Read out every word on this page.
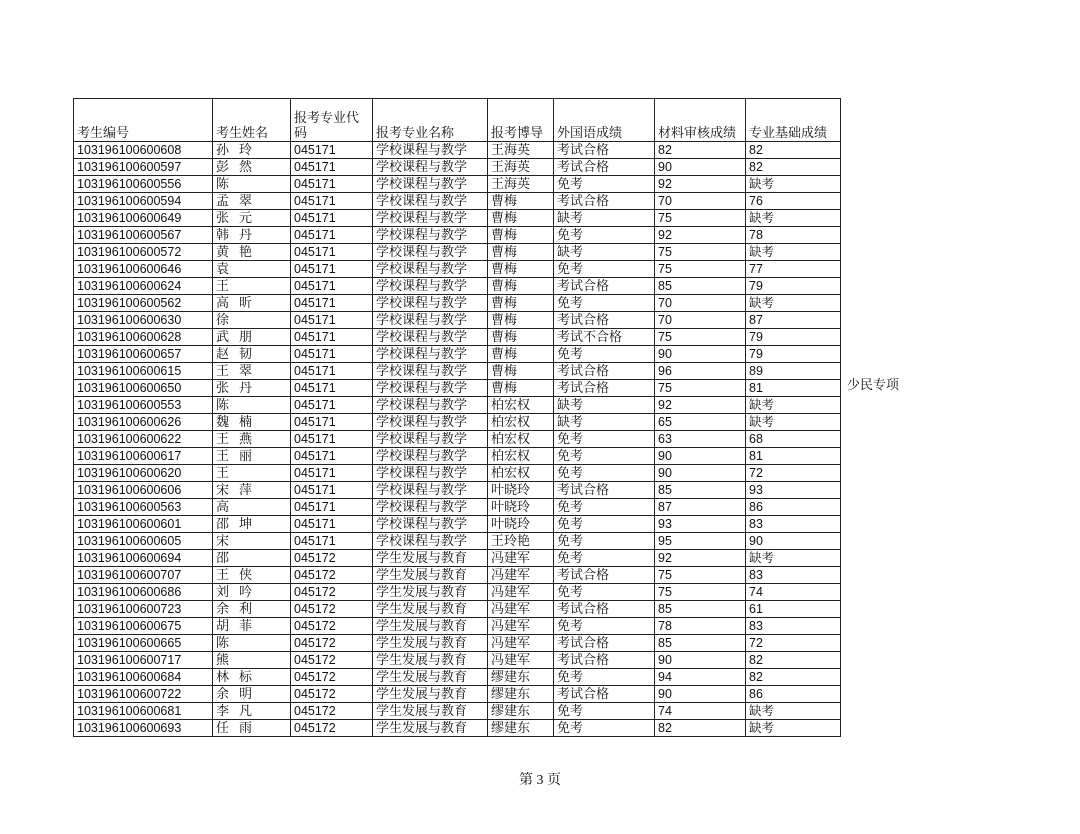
考生编号	考生姓名	报考专业代码	报考专业名称	报考博导	外国语成绩	材料审核成绩	专业基础成绩
103196100600608	孙玲	045171	学校课程与教学	王海英	考试合格	82	82
103196100600597	彭然	045171	学校课程与教学	王海英	考试合格	90	82
103196100600556	陈	045171	学校课程与教学	王海英	免考	92	缺考
103196100600594	孟翠	045171	学校课程与教学	曹梅	考试合格	70	76
103196100600649	张元	045171	学校课程与教学	曹梅	缺考	75	缺考
103196100600567	韩丹	045171	学校课程与教学	曹梅	免考	92	78
103196100600572	黄艳	045171	学校课程与教学	曹梅	缺考	75	缺考
103196100600646	袁	045171	学校课程与教学	曹梅	免考	75	77
103196100600624	王	045171	学校课程与教学	曹梅	考试合格	85	79
103196100600562	高昕	045171	学校课程与教学	曹梅	免考	70	缺考
103196100600630	徐	045171	学校课程与教学	曹梅	考试合格	70	87
103196100600628	武朋	045171	学校课程与教学	曹梅	考试不合格	75	79
103196100600657	赵韧	045171	学校课程与教学	曹梅	免考	90	79
103196100600615	王翠	045171	学校课程与教学	曹梅	考试合格	96	89
103196100600650	张丹	045171	学校课程与教学	曹梅	考试合格	75	81
103196100600553	陈	045171	学校课程与教学	柏宏权	缺考	92	缺考
103196100600626	魏楠	045171	学校课程与教学	柏宏权	缺考	65	缺考
103196100600622	王燕	045171	学校课程与教学	柏宏权	免考	63	68
103196100600617	王丽	045171	学校课程与教学	柏宏权	免考	90	81
103196100600620	王	045171	学校课程与教学	柏宏权	免考	90	72
103196100600606	宋萍	045171	学校课程与教学	叶晓玲	考试合格	85	93
103196100600563	高	045171	学校课程与教学	叶晓玲	免考	87	86
103196100600601	邵坤	045171	学校课程与教学	叶晓玲	免考	93	83
103196100600605	宋	045171	学校课程与教学	王玲艳	免考	95	90
103196100600694	邵	045172	学生发展与教育	冯建军	免考	92	缺考
103196100600707	王侠	045172	学生发展与教育	冯建军	考试合格	75	83
103196100600686	刘吟	045172	学生发展与教育	冯建军	免考	75	74
103196100600723	余利	045172	学生发展与教育	冯建军	考试合格	85	61
103196100600675	胡菲	045172	学生发展与教育	冯建军	免考	78	83
103196100600665	陈	045172	学生发展与教育	冯建军	考试合格	85	72
103196100600717	熊	045172	学生发展与教育	冯建军	考试合格	90	82
103196100600684	林标	045172	学生发展与教育	缪建东	免考	94	82
103196100600722	余明	045172	学生发展与教育	缪建东	考试合格	90	86
103196100600681	李凡	045172	学生发展与教育	缪建东	免考	74	缺考
103196100600693	任雨	045172	学生发展与教育	缪建东	免考	82	缺考
少民专项
第 3 页
